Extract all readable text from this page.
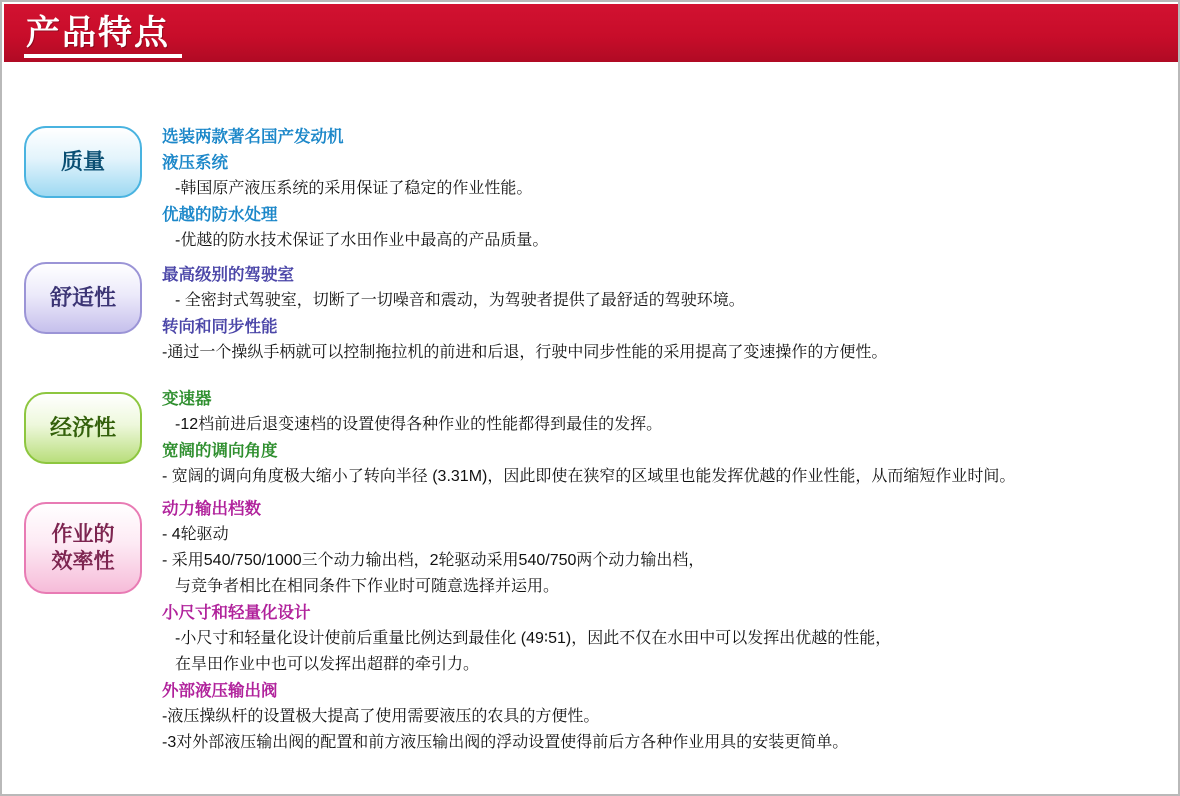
产品特点
质量
舒适性
经济性
作业的
效率性

选装两款著名国产发动机

液压系统

-韩国原产液压系统的采用保证了稳定的作业性能。

优越的防水处理

-优越的防水技术保证了水田作业中最高的产品质量。

最高级别的驾驶室

- 全密封式驾驶室，切断了一切噪音和震动，为驾驶者提供了最舒适的驾驶环境。

转向和同步性能

-通过一个操纵手柄就可以控制拖拉机的前进和后退，行驶中同步性能的采用提高了变速操作的方便性。

变速器

-12档前进后退变速档的设置使得各种作业的性能都得到最佳的发挥。

宽阔的调向角度

- 宽阔的调向角度极大缩小了转向半径 (3.31M)，因此即使在狭窄的区域里也能发挥优越的作业性能，从而缩短作业时间。

动力输出档数

- 4轮驱动

- 采用540/750/1000三个动力输出档，2轮驱动采用540/750两个动力输出档，

与竞争者相比在相同条件下作业时可随意选择并运用。

小尺寸和轻量化设计

-小尺寸和轻量化设计使前后重量比例达到最佳化 (49∶51)，因此不仅在水田中可以发挥出优越的性能，

在旱田作业中也可以发挥出超群的牵引力。

外部液压输出阀

-液压操纵杆的设置极大提高了使用需要液压的农具的方便性。

-3对外部液压输出阀的配置和前方液压输出阀的浮动设置使得前后方各种作业用具的安装更简单。
